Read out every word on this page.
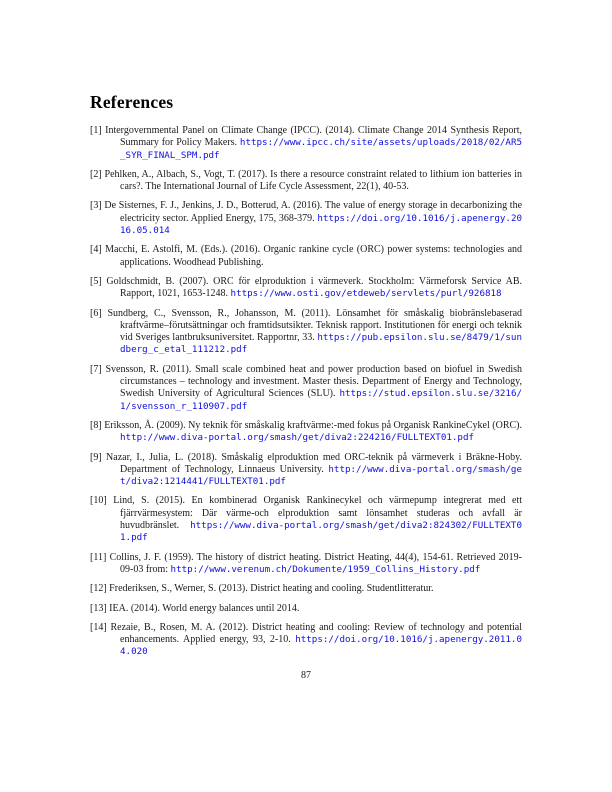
References

[1] Intergovernmental Panel on Climate Change (IPCC). (2014). Climate Change 2014 Synthesis Report, Summary for Policy Makers. https://www.ipcc.ch/site/assets/uploads/2018/02/AR5_SYR_FINAL_SPM.pdf

[2] Pehlken, A., Albach, S., Vogt, T. (2017). Is there a resource constraint related to lithium ion batteries in cars?. The International Journal of Life Cycle Assessment, 22(1), 40-53.

[3] De Sisternes, F. J., Jenkins, J. D., Botterud, A. (2016). The value of energy storage in decarbonizing the electricity sector. Applied Energy, 175, 368-379. https://doi.org/10.1016/j.apenergy.2016.05.014

[4] Macchi, E. Astolfi, M. (Eds.). (2016). Organic rankine cycle (ORC) power systems: technologies and applications. Woodhead Publishing.

[5] Goldschmidt, B. (2007). ORC för elproduktion i värmeverk. Stockholm: Värmeforsk Service AB. Rapport, 1021, 1653-1248. https://www.osti.gov/etdeweb/servlets/purl/926818

[6] Sundberg, C., Svensson, R., Johansson, M. (2011). Lönsamhet för småskalig biobränslebaserad kraftvärme–förutsättningar och framtidsutsikter. Teknisk rapport. Institutionen för energi och teknik vid Sveriges lantbruksuniversitet. Rapportnr, 33. https://pub.epsilon.slu.se/8479/1/sundberg_c_etal_111212.pdf

[7] Svensson, R. (2011). Small scale combined heat and power production based on biofuel in Swedish circumstances – technology and investment. Master thesis. Department of Energy and Technology, Swedish University of Agricultural Sciences (SLU). https://stud.epsilon.slu.se/3216/1/svensson_r_110907.pdf

[8] Eriksson, Å. (2009). Ny teknik för småskalig kraftvärme:-med fokus på Organisk RankineCykel (ORC). http://www.diva-portal.org/smash/get/diva2:224216/FULLTEXT01.pdf

[9] Nazar, I., Julia, L. (2018). Småskalig elproduktion med ORC-teknik på värmeverk i Bräkne-Hoby. Department of Technology, Linnaeus University. http://www.diva-portal.org/smash/get/diva2:1214441/FULLTEXT01.pdf

[10] Lind, S. (2015). En kombinerad Organisk Rankinecykel och värmepump integrerat med ett fjärrvärmesystem: Där värme-och elproduktion samt lönsamhet studeras och avfall är huvudbränslet. https://www.diva-portal.org/smash/get/diva2:824302/FULLTEXT01.pdf

[11] Collins, J. F. (1959). The history of district heating. District Heating, 44(4), 154-61. Retrieved 2019-09-03 from: http://www.verenum.ch/Dokumente/1959_Collins_History.pdf

[12] Frederiksen, S., Werner, S. (2013). District heating and cooling. Studentlitteratur.

[13] IEA. (2014). World energy balances until 2014.

[14] Rezaie, B., Rosen, M. A. (2012). District heating and cooling: Review of technology and potential enhancements. Applied energy, 93, 2-10. https://doi.org/10.1016/j.apenergy.2011.04.020

87
